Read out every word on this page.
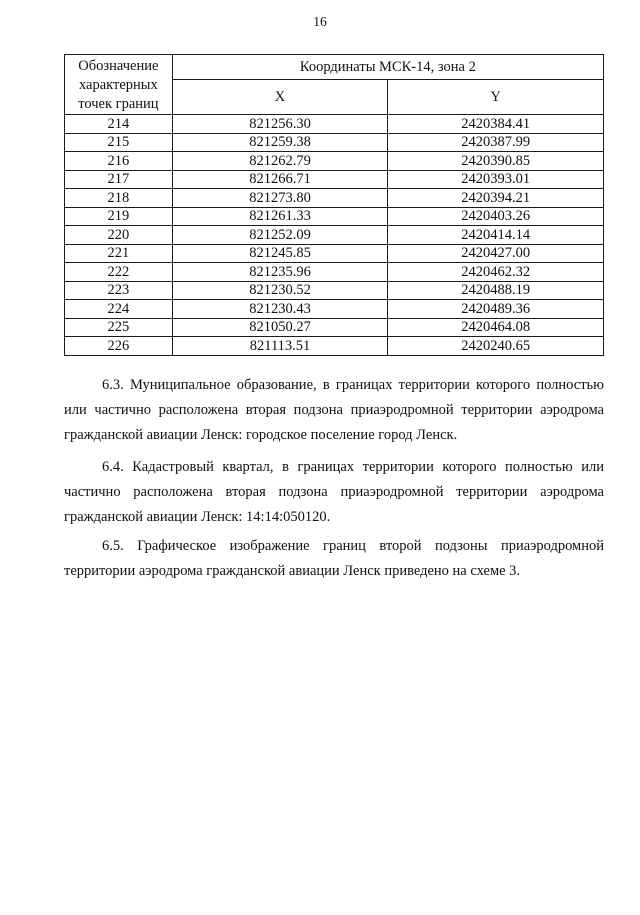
16
Обозначение
характерных
точек границ	Координаты МСК-14, зона 2	
	X	Y
214	821256.30	2420384.41
215	821259.38	2420387.99
216	821262.79	2420390.85
217	821266.71	2420393.01
218	821273.80	2420394.21
219	821261.33	2420403.26
220	821252.09	2420414.14
221	821245.85	2420427.00
222	821235.96	2420462.32
223	821230.52	2420488.19
224	821230.43	2420489.36
225	821050.27	2420464.08
226	821113.51	2420240.65

6.3. Муниципальное образование, в границах территории которого полностью или частично расположена вторая подзона приаэродромной территории аэродрома гражданской авиации Ленск: городское поселение город Ленск.

6.4. Кадастровый квартал, в границах территории которого полностью или частично расположена вторая подзона приаэродромной территории аэродрома гражданской авиации Ленск: 14:14:050120.

6.5. Графическое изображение границ второй подзоны приаэродромной территории аэродрома гражданской авиации Ленск приведено на схеме 3.
